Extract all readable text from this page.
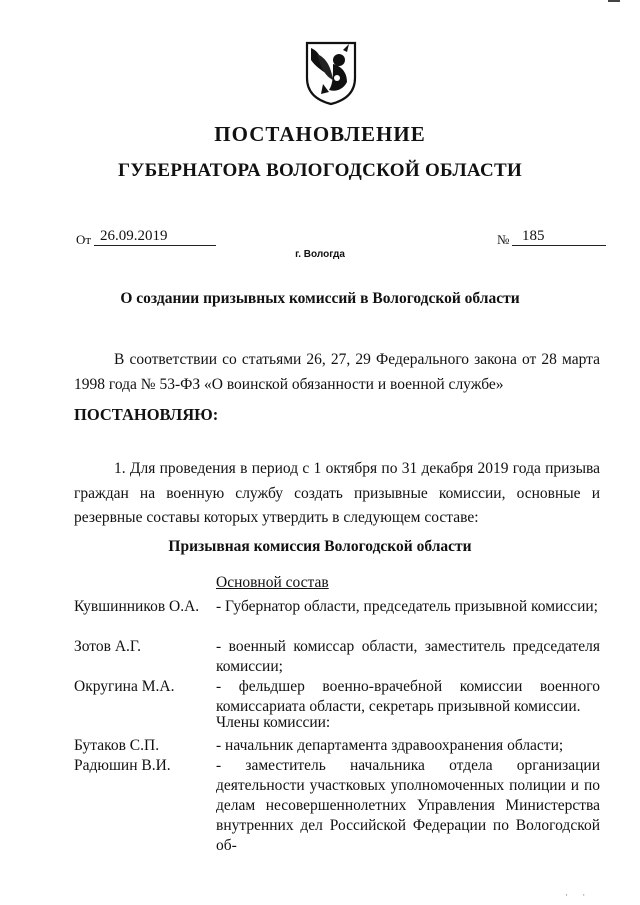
ПОСТАНОВЛЕНИЕ
ГУБЕРНАТОРА ВОЛОГОДСКОЙ ОБЛАСТИ
От 26.09.2019	№ 185
г. Вологда
О создании призывных комиссий в Вологодской области
В соответствии со статьями 26, 27, 29 Федерального закона от 28 марта 1998 года № 53-ФЗ «О воинской обязанности и военной службе»
ПОСТАНОВЛЯЮ:
1. Для проведения в период с 1 октября по 31 декабря 2019 года призыва граждан на военную службу создать призывные комиссии, основные и резервные составы которых утвердить в следующем составе:
Призывная комиссия Вологодской области
Основной состав
Кувшинников О.А. - Губернатор области, председатель призывной комиссии;
Зотов А.Г.	- военный комиссар области, заместитель председателя комиссии;
Округина М.А.	- фельдшер военно-врачебной комиссии военного комиссариата области, секретарь призывной комиссии.
Члены комиссии:
Бутаков С.П.	- начальник департамента здравоохранения области;
Радюшин В.И.	- заместитель начальника отдела организации деятельности участковых уполномоченных полиции и по делам несовершеннолетних Управления Министерства внутренних дел Российской Федерации по Вологодской об-
· ·
